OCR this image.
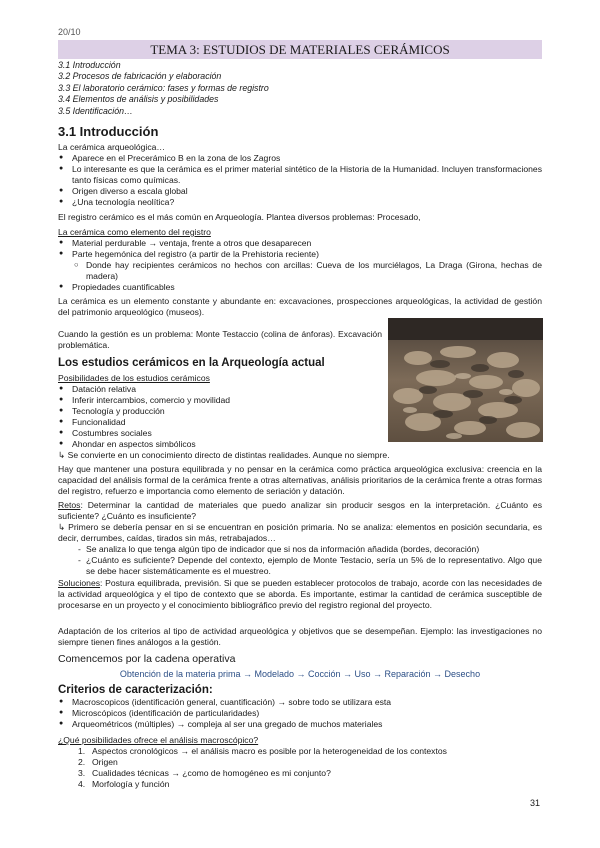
20/10
TEMA 3: ESTUDIOS DE MATERIALES CERÁMICOS
3.1 Introducción
3.2 Procesos de fabricación y elaboración
3.3 El laboratorio cerámico: fases y formas de registro
3.4 Elementos de análisis y posibilidades
3.5 Identificación…
3.1 Introducción
La cerámica arqueológica…
● Aparece en el Precerámico B en la zona de los Zagros
● Lo interesante es que la cerámica es el primer material sintético de la Historia de la Humanidad. Incluyen transformaciones tanto físicas como químicas.
● Origen diverso a escala global
● ¿Una tecnología neolítica?
El registro cerámico es el más común en Arqueología. Plantea diversos problemas: Procesado,
La cerámica como elemento del registro
● Material perdurable → ventaja, frente a otros que desaparecen
● Parte hegemónica del registro (a partir de la Prehistoria reciente)
○ Donde hay recipientes cerámicos no hechos con arcillas: Cueva de los murciélagos, La Draga (Girona, hechas de madera)
● Propiedades cuantificables
La cerámica es un elemento constante y abundante en: excavaciones, prospecciones arqueológicas, la actividad de gestión del patrimonio arqueológico (museos).
Cuando la gestión es un problema: Monte Testaccio (colina de ánforas). Excavación problemática.
Los estudios cerámicos en la Arqueología actual
Posibilidades de los estudios cerámicos
● Datación relativa
● Inferir intercambios, comercio y movilidad
● Tecnología y producción
● Funcionalidad
● Costumbres sociales
● Ahondar en aspectos simbólicos
↳ Se convierte en un conocimiento directo de distintas realidades. Aunque no siempre.
Hay que mantener una postura equilibrada y no pensar en la cerámica como práctica arqueológica exclusiva: creencia en la capacidad del análisis formal de la cerámica frente a otras alternativas, análisis prioritarios de la cerámica frente a otras formas del registro, refuerzo e importancia como elemento de seriación y datación.
Retos: Determinar la cantidad de materiales que puedo analizar sin producir sesgos en la interpretación. ¿Cuánto es suficiente? ¿Cuánto es insuficiente?
↳ Primero se debería pensar en si se encuentran en posición primaria. No se analiza: elementos en posición secundaria, es decir, derrumbes, caídas, tirados sin más, retrabajados…
- Se analiza lo que tenga algún tipo de indicador que si nos da información añadida (bordes, decoración)
- ¿Cuánto es suficiente? Depende del contexto, ejemplo de Monte Testacio, sería un 5% de lo representativo. Algo que se debe hacer sistemáticamente es el muestreo.
Soluciones: Postura equilibrada, previsión. Si que se pueden establecer protocolos de trabajo, acorde con las necesidades de la actividad arqueológica y el tipo de contexto que se aborda. Es importante, estimar la cantidad de cerámica susceptible de procesarse en un proyecto y el conocimiento bibliográfico previo del registro regional del proyecto.
Adaptación de los criterios al tipo de actividad arqueológica y objetivos que se desempeñan. Ejemplo: las investigaciones no siempre tienen fines análogos a la gestión.
Comencemos por la cadena operativa
Obtención de la materia prima → Modelado → Cocción → Uso → Reparación → Desecho
Criterios de caracterización:
● Macroscopicos (identificación general, cuantificación) → sobre todo se utilizara esta
● Microscópicos (identificación de particularidades)
● Arqueométricos (múltiples) → compleja al ser una gregado de muchos materiales
¿Qué posibilidades ofrece el análisis macroscópico?
1. Aspectos cronológicos → el análisis macro es posible por la heterogeneidad de los contextos
2. Origen
3. Cualidades técnicas → ¿como de homogéneo es mi conjunto?
4. Morfología y función
31
